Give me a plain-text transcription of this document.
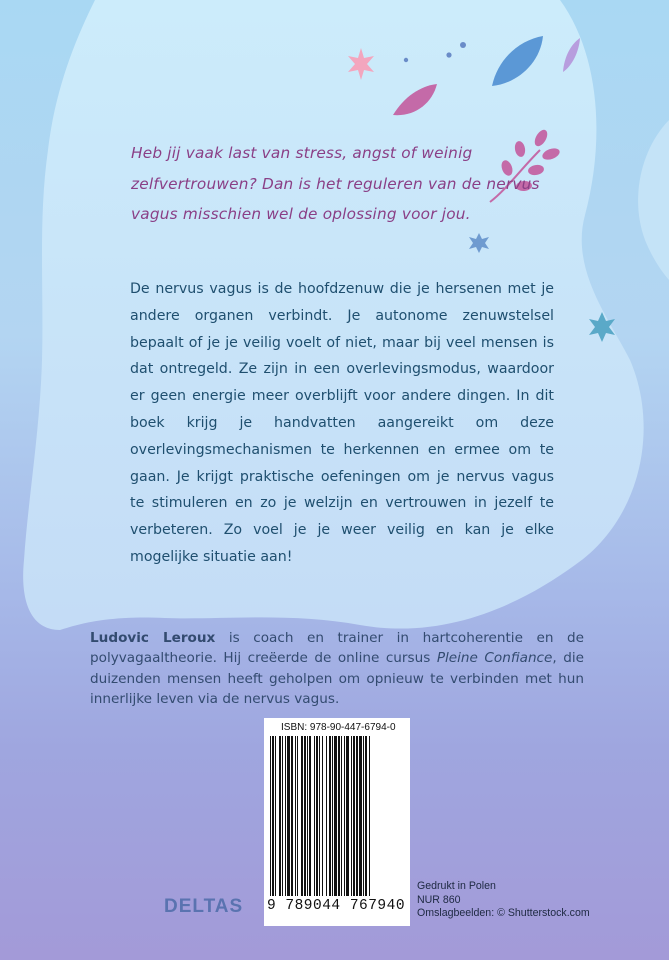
Heb jij vaak last van stress, angst of weinig zelfvertrouwen? Dan is het reguleren van de nervus vagus misschien wel de oplossing voor jou.

De nervus vagus is de hoofdzenuw die je hersenen met je andere organen verbindt. Je autonome zenuwstelsel bepaalt of je je veilig voelt of niet, maar bij veel mensen is dat ontregeld. Ze zijn in een overlevingsmodus, waardoor er geen energie meer overblijft voor andere dingen. In dit boek krijg je handvatten aangereikt om deze overlevingsmechanismen te herkennen en ermee om te gaan. Je krijgt praktische oefeningen om je nervus vagus te stimuleren en zo je welzijn en vertrouwen in jezelf te verbeteren. Zo voel je je weer veilig en kan je elke mogelijke situatie aan!

Ludovic Leroux is coach en trainer in hartcoherentie en de polyvagaaltheorie. Hij creëerde de online cursus Pleine Confiance, die duizenden mensen heeft geholpen om opnieuw te verbinden met hun innerlijke leven via de nervus vagus.

ISBN: 978-90-447-6794-0
9 789044 767940
DELTAS
Gedrukt in Polen
NUR 860
Omslagbeelden: © Shutterstock.com
